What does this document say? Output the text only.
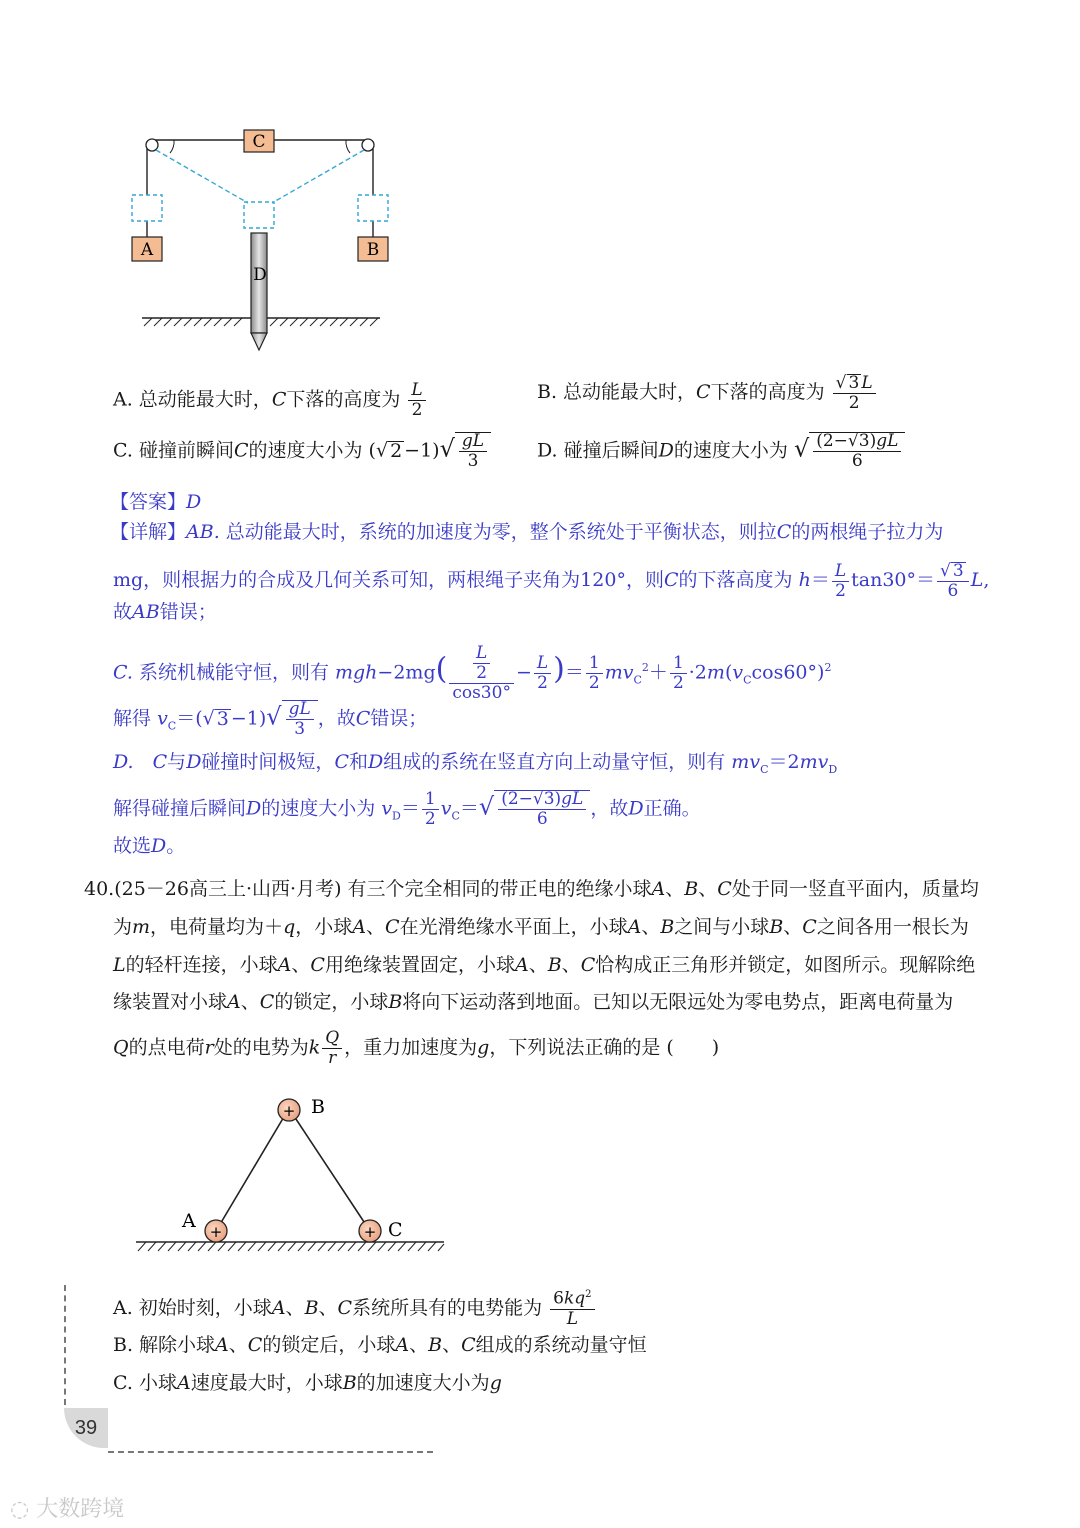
C
A	B
D
A. 总动能最大时，C下落的高度为 $\frac{L}{2}$	B. 总动能最大时，C下落的高度为 $\frac{√ 3 L}{2}$
C. 碰撞前瞬间C的速度大小为 (√ $2 -1)√ \frac{gL}{3}$	D. 碰撞后瞬间D的速度大小为 √ $\frac{(2-√3)gL}{6}$
【答案】D
【详解】AB. 总动能最大时，系统的加速度为零，整个系统处于平衡状态，则拉C的两根绳子拉力为
mg，则根据力的合成及几何关系可知，两根绳子夹角为120°，则C的下落高度为 $h= \frac{L}{2} \tan 30^\circ= \frac{√ 3}{6} L$,
故AB错误；
C. 系统机械能守恒，则有 $mgh-2mg( \frac{\frac{L}{2}}{\cos 30^\circ} - \frac{L}{2}$ )＝ $\frac{1}{2} mv_C^2+ \frac{1}{2} \cdot 2m(v_C\cos 60^\circ)^2$
解得 $v_C=(√$ $3 -1)√ \frac{gL}{3}$ ，故C错误；
D.　 C与D碰撞时间极短，C和D组成的系统在竖直方向上动量守恒，则有 $mv_C=2mv_D$
解得碰撞后瞬间D的速度大小为 $v_D= \frac{1}{2} v_C=√ \frac{(2-√3)gL}{6}$ ，故D正确。
故选D。
40.(25－26高三上·山西·月考) 有三个完全相同的带正电的绝缘小球A、B、C处于同一竖直平面内，质量均
为m，电荷量均为＋q，小球A、C在光滑绝缘水平面上，小球A、B之间与小球B、C之间各用一根长为
L的轻杆连接，小球A、C用绝缘装置固定，小球A、B、C恰构成正三角形并锁定，如图所示。现解除绝
缘装置对小球A、C的锁定，小球B将向下运动落到地面。已知以无限远处为零电势点，距离电荷量为
Q的点电荷r处的电势为k $\frac{Q}{r}$ ，重力加速度为g，下列说法正确的是 (　　)
+ B
+
A	+ C
A. 初始时刻，小球A、B、C系统所具有的电势能为 $\frac{6kq^2}{L}$
B. 解除小球A、C的锁定后，小球A、B、C组成的系统动量守恒
C. 小球A速度最大时，小球B的加速度大小为g
39
◌ 大数跨境
